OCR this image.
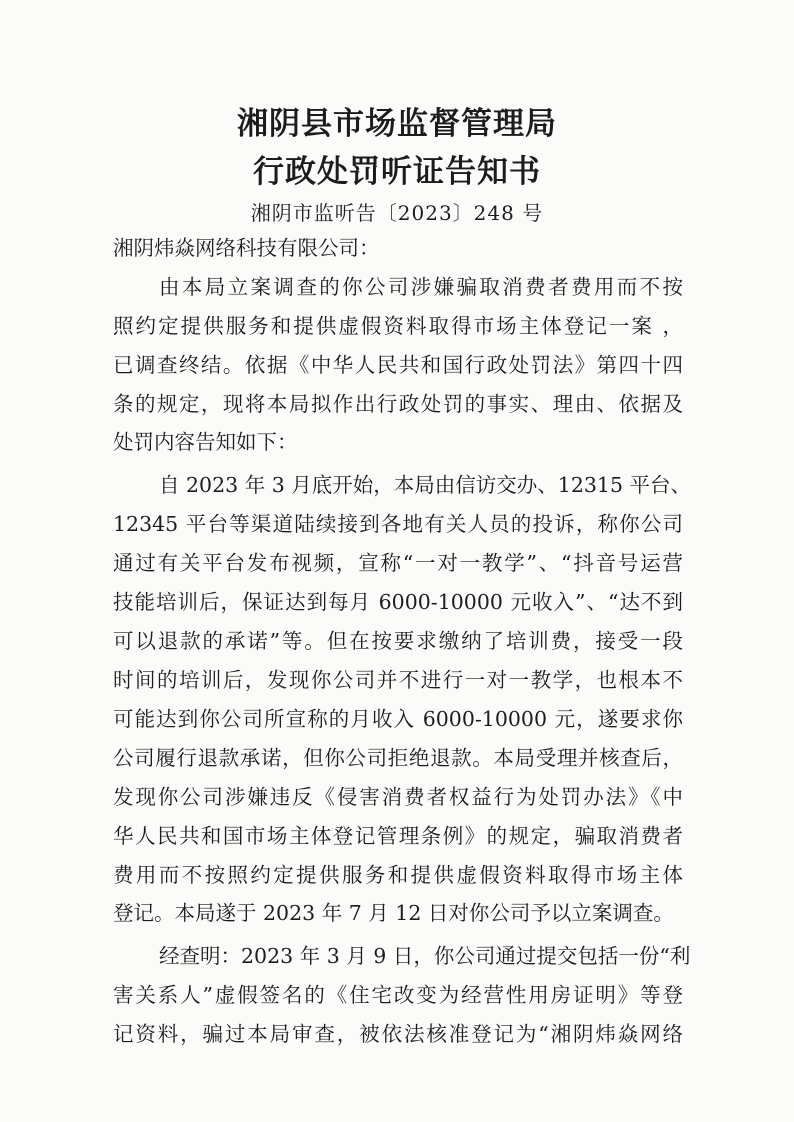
湘阴县市场监督管理局
行政处罚听证告知书
湘阴市监听告〔2023〕248 号

湘阴炜焱网络科技有限公司：

由本局立案调查的你公司涉嫌骗取消费者费用而不按

照约定提供服务和提供虚假资料取得市场主体登记一案 ，

已调查终结。依据《中华人民共和国行政处罚法》第四十四

条的规定，现将本局拟作出行政处罚的事实、理由、依据及

处罚内容告知如下：

自 2023 年 3 月底开始，本局由信访交办、12315 平台、

12345 平台等渠道陆续接到各地有关人员的投诉，称你公司

通过有关平台发布视频，宣称“一对一教学”、“抖音号运营

技能培训后，保证达到每月 6000-10000 元收入”、“达不到

可以退款的承诺”等。但在按要求缴纳了培训费，接受一段

时间的培训后，发现你公司并不进行一对一教学，也根本不

可能达到你公司所宣称的月收入 6000-10000 元，遂要求你

公司履行退款承诺，但你公司拒绝退款。本局受理并核查后，

发现你公司涉嫌违反《侵害消费者权益行为处罚办法》《中

华人民共和国市场主体登记管理条例》的规定，骗取消费者

费用而不按照约定提供服务和提供虚假资料取得市场主体

登记。本局遂于 2023 年 7 月 12 日对你公司予以立案调查。

经查明：2023 年 3 月 9 日，你公司通过提交包括一份“利

害关系人”虚假签名的《住宅改变为经营性用房证明》等登

记资料，骗过本局审查，被依法核准登记为“湘阴炜焱网络
